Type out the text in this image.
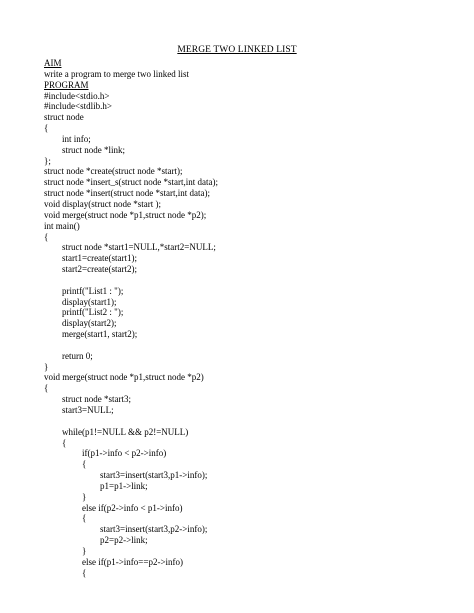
MERGE TWO LINKED LIST
AIM
write a program to merge two linked list
PROGRAM
#include<stdio.h>
#include<stdlib.h>
struct node
{
int info;
struct node *link;
};
struct node *create(struct node *start);
struct node *insert_s(struct node *start,int data);
struct node *insert(struct node *start,int data);
void display(struct node *start );
void merge(struct node *p1,struct node *p2);
int main()
{
struct node *start1=NULL,*start2=NULL;
start1=create(start1);
start2=create(start2);
printf("List1 : ");
display(start1);
printf("List2 : ");
display(start2);
merge(start1, start2);
return 0;
}
void merge(struct node *p1,struct node *p2)
{
struct node *start3;
start3=NULL;
while(p1!=NULL && p2!=NULL)
{
if(p1->info < p2->info)
{
start3=insert(start3,p1->info);
p1=p1->link;
}
else if(p2->info < p1->info)
{
start3=insert(start3,p2->info);
p2=p2->link;
}
else if(p1->info==p2->info)
{
